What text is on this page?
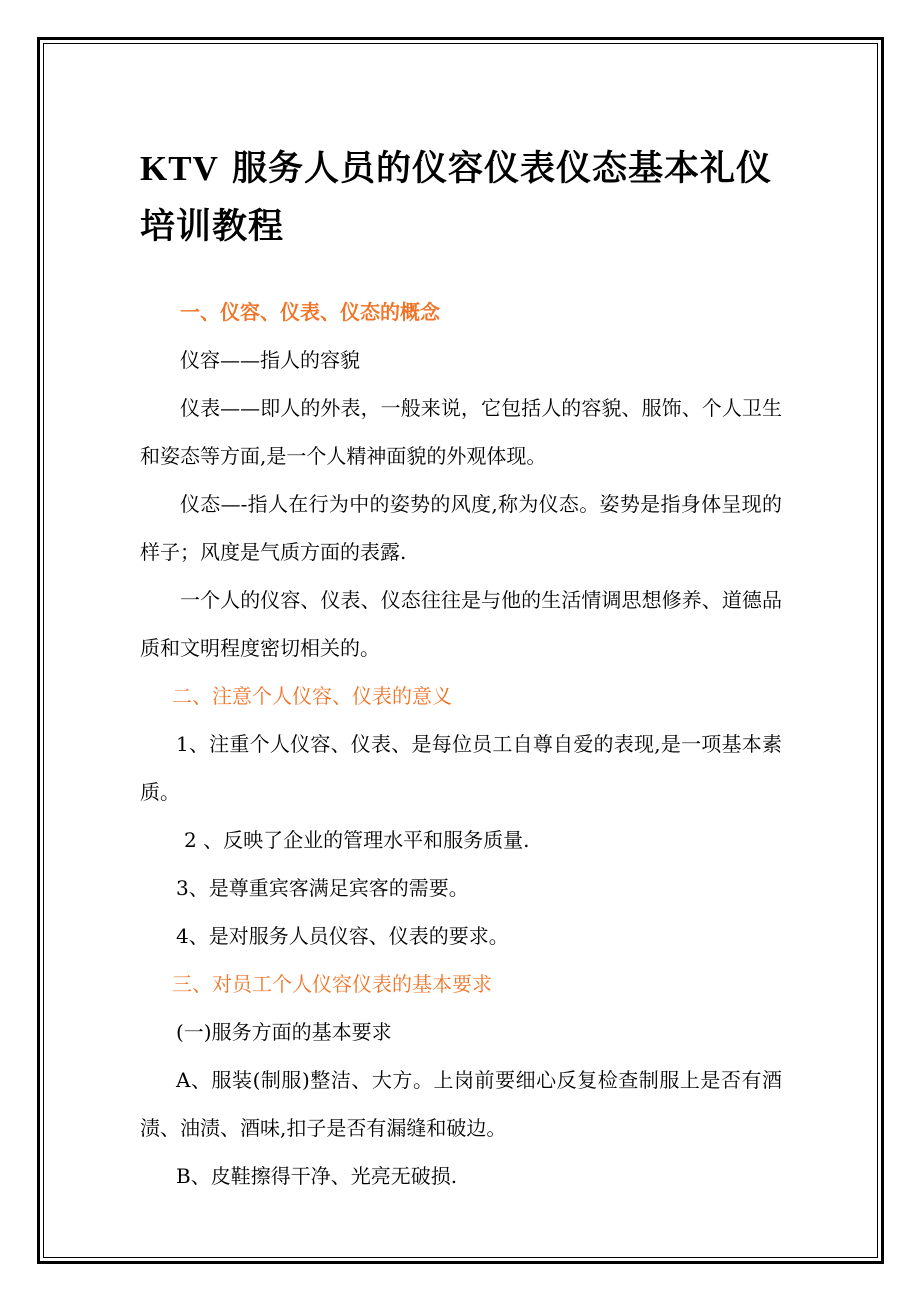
KTV 服务人员的仪容仪表仪态基本礼仪培训教程

一、仪容、仪表、仪态的概念

仪容——指人的容貌

仪表——即人的外表，一般来说，它包括人的容貌、服饰、个人卫生和姿态等方面,是一个人精神面貌的外观体现。

仪态—-指人在行为中的姿势的风度,称为仪态。姿势是指身体呈现的样子；风度是气质方面的表露.

一个人的仪容、仪表、仪态往往是与他的生活情调思想修养、道德品质和文明程度密切相关的。

二、注意个人仪容、仪表的意义

1、注重个人仪容、仪表、是每位员工自尊自爱的表现,是一项基本素质。

2 、反映了企业的管理水平和服务质量.

3、是尊重宾客满足宾客的需要。

4、是对服务人员仪容、仪表的要求。

三、对员工个人仪容仪表的基本要求

(一)服务方面的基本要求

A、服装(制服)整洁、大方。上岗前要细心反复检查制服上是否有酒渍、油渍、酒味,扣子是否有漏缝和破边。

B、皮鞋擦得干净、光亮无破损.
